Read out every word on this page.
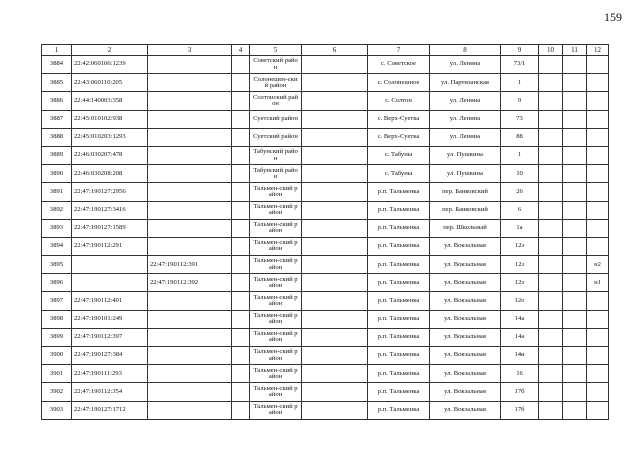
159
1	2	3	4	5	6	7	8	9	10	11	12
3884	22:42:060106:1239			Советский район		с. Советское	ул. Ленина	73/1			
3885	22:43:060110:205			Солонешен-ский район		с. Солонешное	ул. Партизанская	1			
3886	22:44:140003:358			Солтонский район		с. Солтон	ул. Ленина	9			
3887	22:45:010102:938			Суетский район		с. Верх-Суетка	ул. Ленина	73			
3888	22:45:010203:1293			Суетский район		с. Верх-Суетка	ул. Ленина	88			
3889	22:46:030207:478			Табунский район		с. Табуны	ул. Пушкина	1			
3890	22:46:030208:208			Табунский район		с. Табуны	ул. Пушкина	10			
3891	22:47:190127:2956			Тальмен-ский район		р.п. Тальменка	пер. Банковский	26			
3892	22:47:190127:3416			Тальмен-ский район		р.п. Тальменка	пер. Банковский	6			
3893	22:47:190127:1589			Тальмен-ский район		р.п. Тальменка	пер. Школьный	1а			
3894	22:47:190112:291			Тальмен-ский район		р.п. Тальменка	ул. Вокзальная	12з			
3895		22:47:190112:391		Тальмен-ский район		р.п. Тальменка	ул. Вокзальная	12з			н2
3896		22:47:190112:392		Тальмен-ский район		р.п. Тальменка	ул. Вокзальная	12з			н1
3897	22:47:190112:401			Тальмен-ский район		р.п. Тальменка	ул. Вокзальная	12о			
3898	22:47:190101:249			Тальмен-ский район		р.п. Тальменка	ул. Вокзальная	14а			
3899	22:47:190112:397			Тальмен-ский район		р.п. Тальменка	ул. Вокзальная	14а			
3900	22:47:190127:384			Тальмен-ский район		р.п. Тальменка	ул. Вокзальная	14и			
3901	22:47:190111:293			Тальмен-ский район		р.п. Тальменка	ул. Вокзальная	16			
3902	22:47:190112:354			Тальмен-ский район		р.п. Тальменка	ул. Вокзальная	17б			
3903	22:47:190127:1712			Тальмен-ский район		р.п. Тальменка	ул. Вокзальная	17б			
